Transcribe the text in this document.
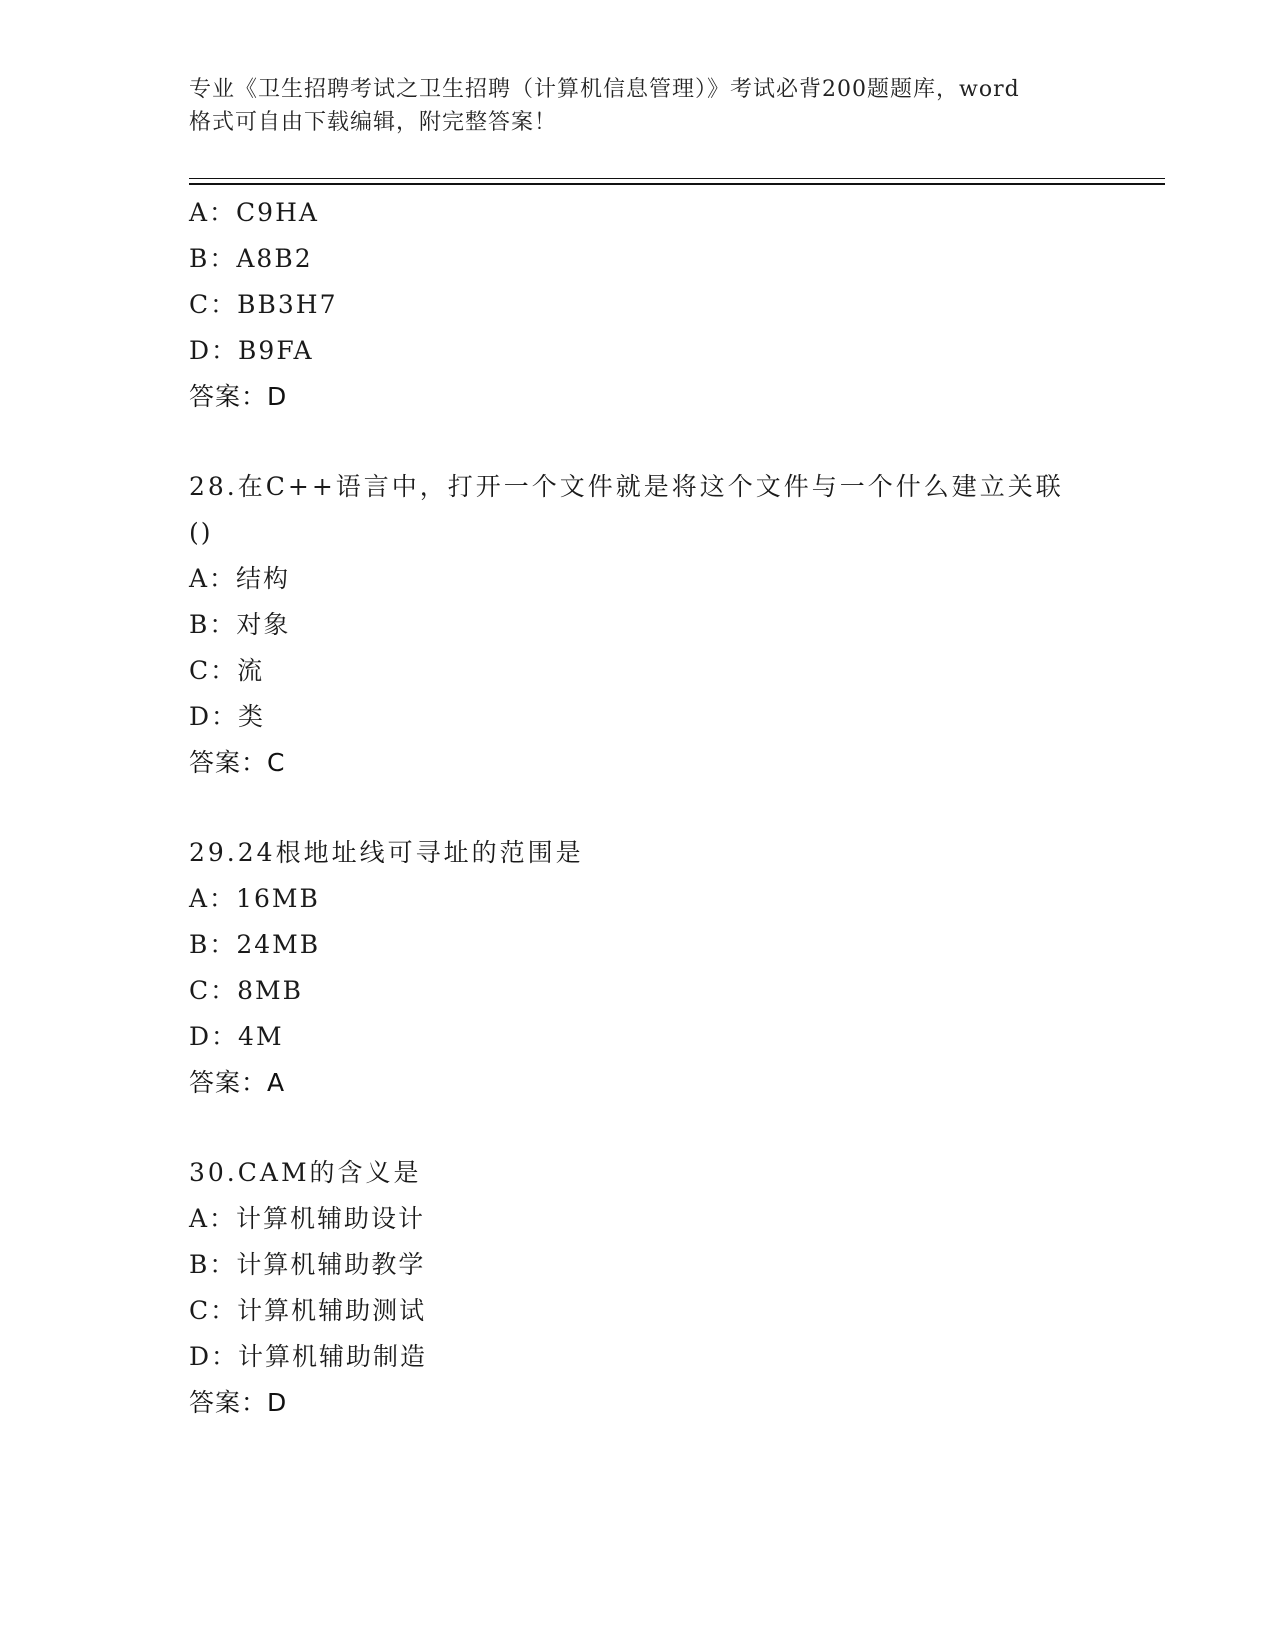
专业《卫生招聘考试之卫生招聘（计算机信息管理）》考试必背200题题库，word
格式可自由下载编辑，附完整答案！
A：C9HA
B：A8B2
C：BB3H7
D：B9FA
答案：D
28.在C++语言中，打开一个文件就是将这个文件与一个什么建立关联
()
A：结构
B：对象
C：流
D：类
答案：C
29.24根地址线可寻址的范围是
A：16MB
B：24MB
C：8MB
D：4M
答案：A
30.CAM的含义是
A：计算机辅助设计
B：计算机辅助教学
C：计算机辅助测试
D：计算机辅助制造
答案：D
